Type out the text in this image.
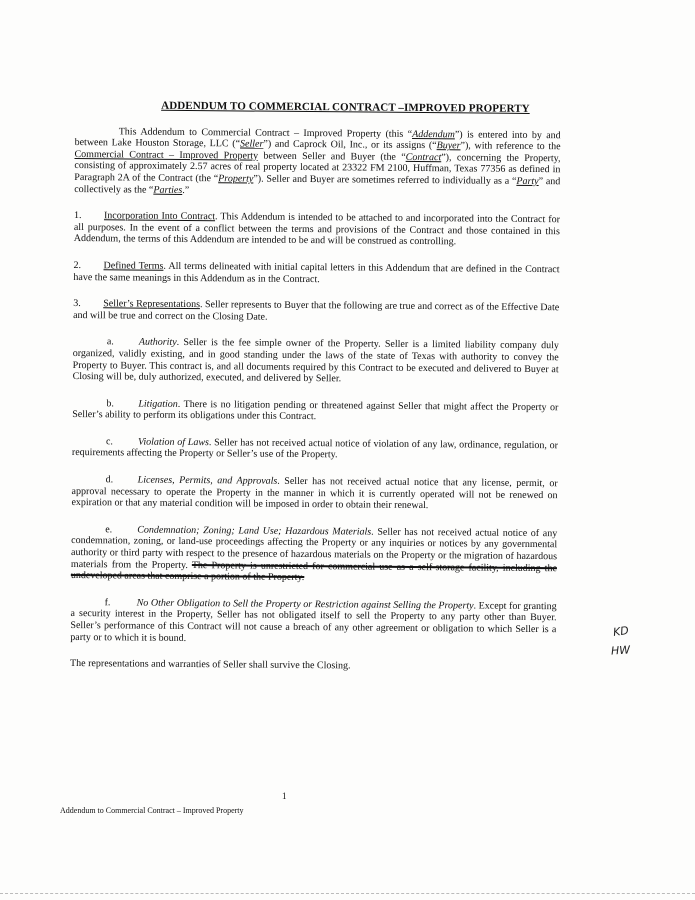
ADDENDUM TO COMMERCIAL CONTRACT –IMPROVED PROPERTY

This Addendum to Commercial Contract – Improved Property (this “Addendum”) is entered into by and between Lake Houston Storage, LLC (“Seller”) and Caprock Oil, Inc., or its assigns (“Buyer”), with reference to the Commercial Contract – Improved Property between Seller and Buyer (the “Contract”), concerning the Property, consisting of approximately 2.57 acres of real property located at 23322 FM 2100, Huffman, Texas 77356 as defined in Paragraph 2A of the Contract (the “Property”). Seller and Buyer are sometimes referred to individually as a “Party” and collectively as the “Parties.”

1. Incorporation Into Contract. This Addendum is intended to be attached to and incorporated into the Contract for all purposes. In the event of a conflict between the terms and provisions of the Contract and those contained in this Addendum, the terms of this Addendum are intended to be and will be construed as controlling.

2. Defined Terms. All terms delineated with initial capital letters in this Addendum that are defined in the Contract have the same meanings in this Addendum as in the Contract.

3. Seller’s Representations. Seller represents to Buyer that the following are true and correct as of the Effective Date and will be true and correct on the Closing Date.

a. Authority. Seller is the fee simple owner of the Property. Seller is a limited liability company duly organized, validly existing, and in good standing under the laws of the state of Texas with authority to convey the Property to Buyer. This contract is, and all documents required by this Contract to be executed and delivered to Buyer at Closing will be, duly authorized, executed, and delivered by Seller.

b. Litigation. There is no litigation pending or threatened against Seller that might affect the Property or Seller’s ability to perform its obligations under this Contract.

c. Violation of Laws. Seller has not received actual notice of violation of any law, ordinance, regulation, or requirements affecting the Property or Seller’s use of the Property.

d. Licenses, Permits, and Approvals. Seller has not received actual notice that any license, permit, or approval necessary to operate the Property in the manner in which it is currently operated will not be renewed on expiration or that any material condition will be imposed in order to obtain their renewal.

e. Condemnation; Zoning; Land Use; Hazardous Materials. Seller has not received actual notice of any condemnation, zoning, or land-use proceedings affecting the Property or any inquiries or notices by any governmental authority or third party with respect to the presence of hazardous materials on the Property or the migration of hazardous materials from the Property. The Property is unrestricted for commercial use as a self-storage facility, including the undeveloped areas that comprise a portion of the Property.

f.	No Other Obligation to Sell the Property or Restriction against Selling the Property. Except for granting a security interest in the Property, Seller has not obligated itself to sell the Property to any party other than Buyer. Seller’s performance of this Contract will not cause a breach of any other agreement or obligation to which Seller is a party or to which it is bound.

The representations and warranties of Seller shall survive the Closing.

KD
HW
1
Addendum to Commercial Contract – Improved Property
